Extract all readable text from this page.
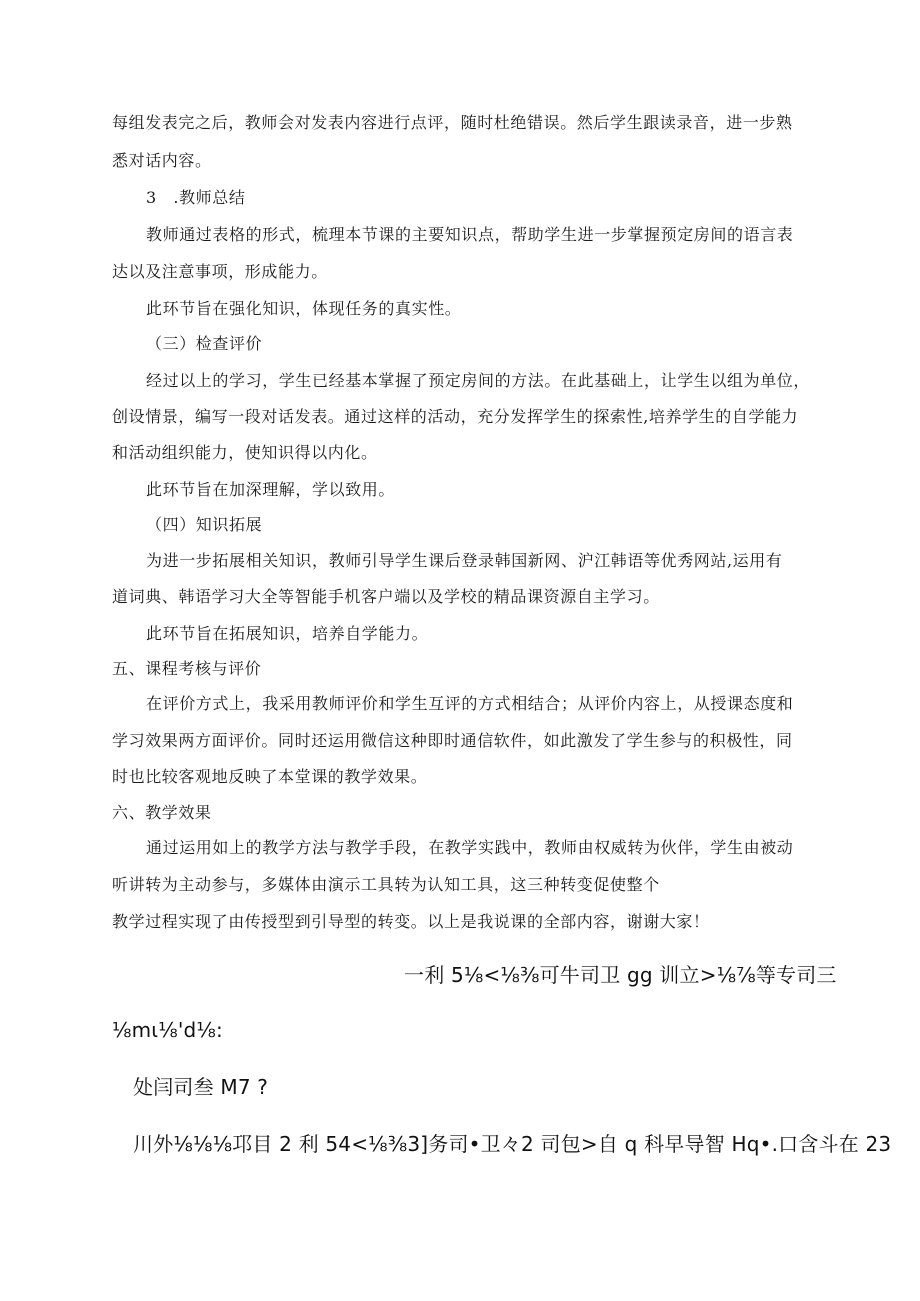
每组发表完之后，教师会对发表内容进行点评，随时杜绝错误。然后学生跟读录音，进一步熟
悉对话内容。
3　.教师总结
教师通过表格的形式，梳理本节课的主要知识点，帮助学生进一步掌握预定房间的语言表
达以及注意事项，形成能力。
此环节旨在强化知识，体现任务的真实性。
（三）检查评价
经过以上的学习，学生已经基本掌握了预定房间的方法。在此基础上，让学生以组为单位，
创设情景，编写一段对话发表。通过这样的活动，充分发挥学生的探索性,培养学生的自学能力
和活动组织能力，使知识得以内化。
此环节旨在加深理解，学以致用。
（四）知识拓展
为进一步拓展相关知识，教师引导学生课后登录韩国新网、沪江韩语等优秀网站,运用有
道词典、韩语学习大全等智能手机客户端以及学校的精品课资源自主学习。
此环节旨在拓展知识，培养自学能力。
五、课程考核与评价
在评价方式上，我采用教师评价和学生互评的方式相结合；从评价内容上，从授课态度和
学习效果两方面评价。同时还运用微信这种即时通信软件，如此激发了学生参与的积极性，同
时也比较客观地反映了本堂课的教学效果。
六、教学效果
通过运用如上的教学方法与教学手段，在教学实践中，教师由权威转为伙伴，学生由被动
听讲转为主动参与，多媒体由演示工具转为认知工具，这三种转变促使整个
教学过程实现了由传授型到引导型的转变。以上是我说课的全部内容，谢谢大家！
一利 5⅛<⅛⅜可牛司卫 gg 训立>⅛⅞等专司三
⅛mι⅛'d⅛:
处闫司叁 M7 ?
川外⅛⅛⅛邛目 2 利 54<⅛⅜3]务司•卫々2 司包>自 q 科早导智 Hq•.口含斗在 23
